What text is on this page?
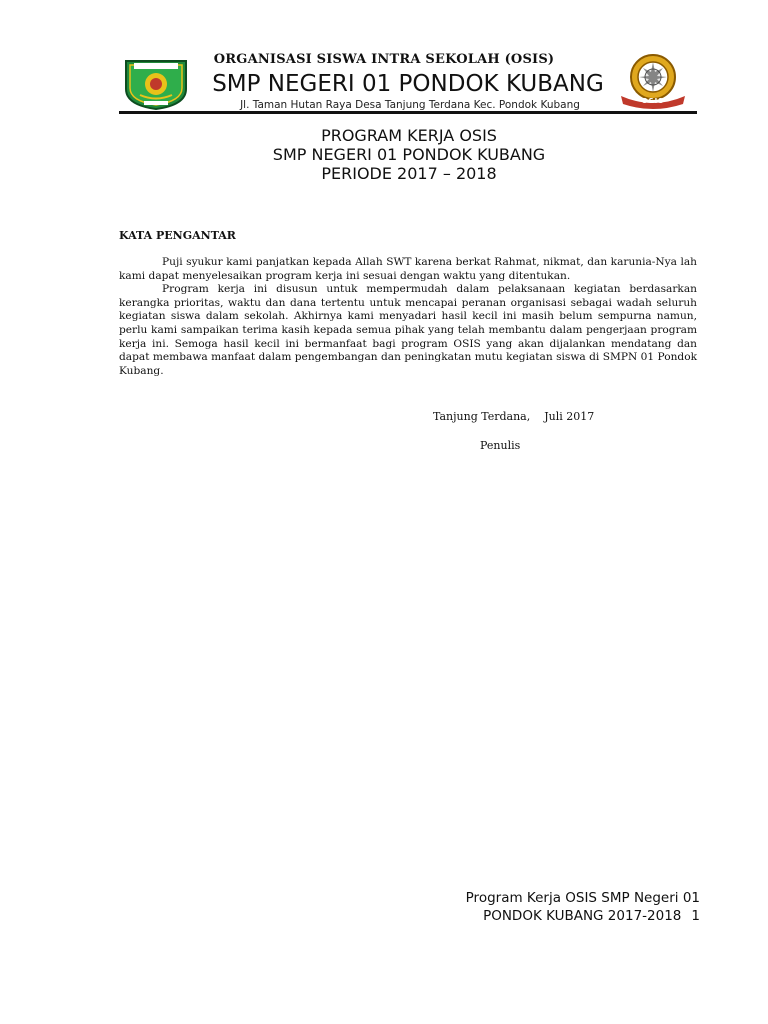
OSIS
ORGANISASI SISWA INTRA SEKOLAH (OSIS)
SMP NEGERI 01 PONDOK KUBANG
Jl. Taman Hutan Raya Desa Tanjung Terdana Kec. Pondok Kubang
PROGRAM KERJA OSIS
SMP NEGERI 01 PONDOK KUBANG
PERIODE 2017 – 2018
KATA PENGANTAR

Puji syukur kami panjatkan kepada Allah SWT karena berkat Rahmat, nikmat, dan karunia-Nya lah kami dapat menyelesaikan program kerja ini sesuai dengan waktu yang ditentukan.

Program kerja ini disusun untuk mempermudah dalam pelaksanaan kegiatan berdasarkan kerangka prioritas, waktu dan dana tertentu untuk mencapai peranan organisasi sebagai wadah seluruh kegiatan siswa dalam sekolah. Akhirnya kami menyadari hasil kecil ini masih belum sempurna namun, perlu kami sampaikan terima kasih kepada semua pihak yang telah membantu dalam pengerjaan program kerja ini. Semoga hasil kecil ini bermanfaat bagi program OSIS yang akan dijalankan mendatang dan dapat membawa manfaat dalam pengembangan dan peningkatan mutu kegiatan siswa di SMPN 01 Pondok Kubang.

Tanjung Terdana,    Juli 2017
Penulis
Program Kerja OSIS SMP Negeri 01
PONDOK KUBANG 2017-2018 1
